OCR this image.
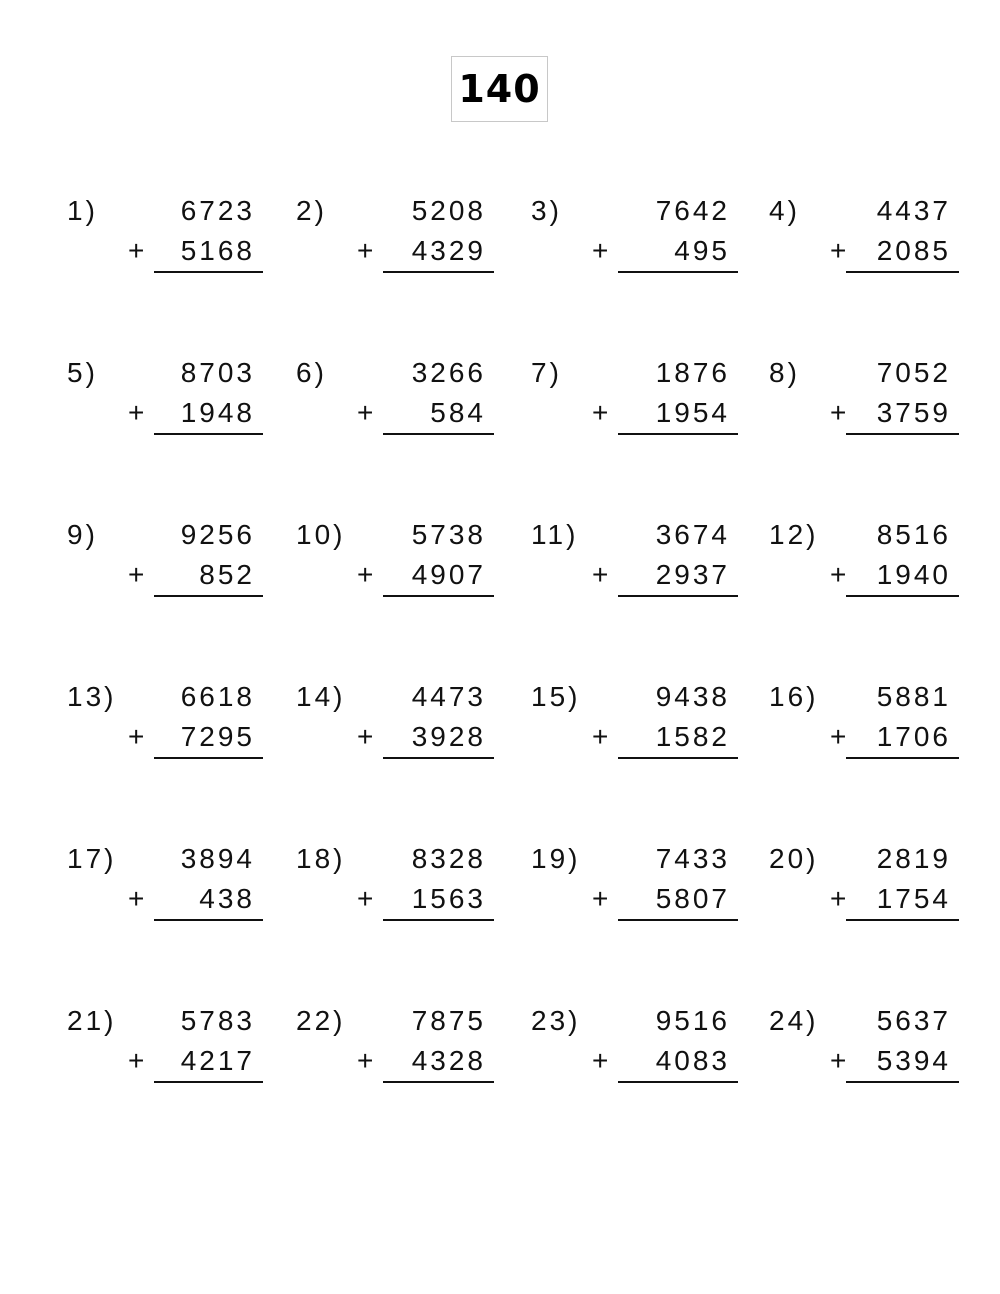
140
1)	6723
+	5168
2)	5208
+	4329
3)	7642
+	495
4)	4437
+ 2085
5)	8703
+	1948
6)	3266
+	584
7)	1876
+	1954
8)	7052
+ 3759
9)	9256
+	852
10)	5738
+	4907
11)	3674
+	2937
12)	8516
+ 1940
13)	6618
+	7295
14)	4473
+	3928
15)	9438
+	1582
16)	5881
+ 1706
17)	3894
+	438
18)	8328
+	1563
19)	7433
+	5807
20)	2819
+ 1754
21)	5783
+	4217
22)	7875
+	4328
23)	9516
+	4083
24)	5637
+ 5394
